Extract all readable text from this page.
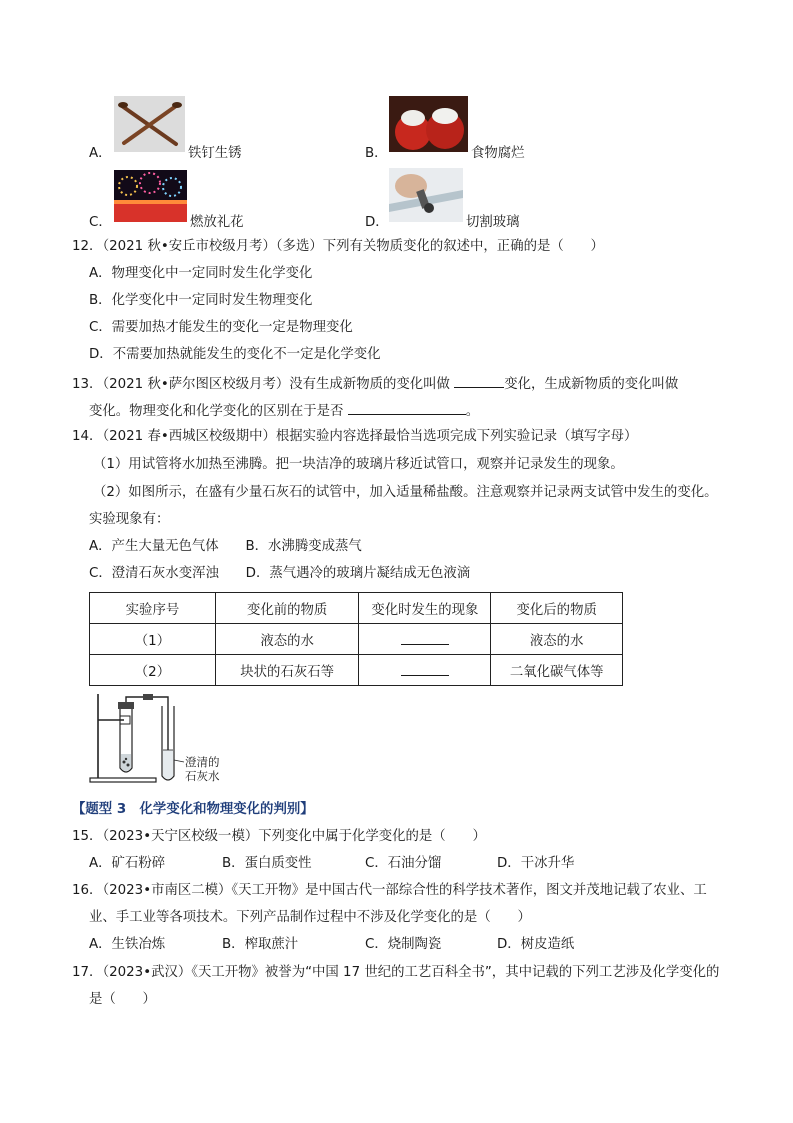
A．	铁钉生锈	B．	食物腐烂
C．	燃放礼花	D．	切割玻璃
12．（2021 秋•安丘市校级月考）（多选）下列有关物质变化的叙述中，正确的是（　　）
A．物理变化中一定同时发生化学变化
B．化学变化中一定同时发生物理变化
C．需要加热才能发生的变化一定是物理变化
D．不需要加热就能发生的变化不一定是化学变化
13．（2021 秋•萨尔图区校级月考）没有生成新物质的变化叫做	变化，生成新物质的变化叫做
变化。物理变化和化学变化的区别在于是否	。
14．（2021 春•西城区校级期中）根据实验内容选择最恰当选项完成下列实验记录（填写字母）
（1）用试管将水加热至沸腾。把一块洁净的玻璃片移近试管口，观察并记录发生的现象。
（2）如图所示，在盛有少量石灰石的试管中，加入适量稀盐酸。注意观察并记录两支试管中发生的变化。
实验现象有：
A．产生大量无色气体　　B．水沸腾变成蒸气
C．澄清石灰水变浑浊　　D．蒸气遇冷的玻璃片凝结成无色液滴
实验序号	变化前的物质	变化时发生的现象	变化后的物质
（1）	液态的水		液态的水
（2）	块状的石灰石等		二氧化碳气体等
澄清的
石灰水
【题型 3　化学变化和物理变化的判别】
15．（2023•天宁区校级一模）下列变化中属于化学变化的是（　　）
A．矿石粉碎	B．蛋白质变性	C．石油分馏	D．干冰升华
16．（2023•市南区二模）《天工开物》是中国古代一部综合性的科学技术著作，图文并茂地记载了农业、工
业、手工业等各项技术。下列产品制作过程中不涉及化学变化的是（　　）
A．生铁冶炼	B．榨取蔗汁	C．烧制陶瓷	D．树皮造纸
17．（2023•武汉）《天工开物》被誉为“中国 17 世纪的工艺百科全书”，其中记载的下列工艺涉及化学变化的
是（　　）
